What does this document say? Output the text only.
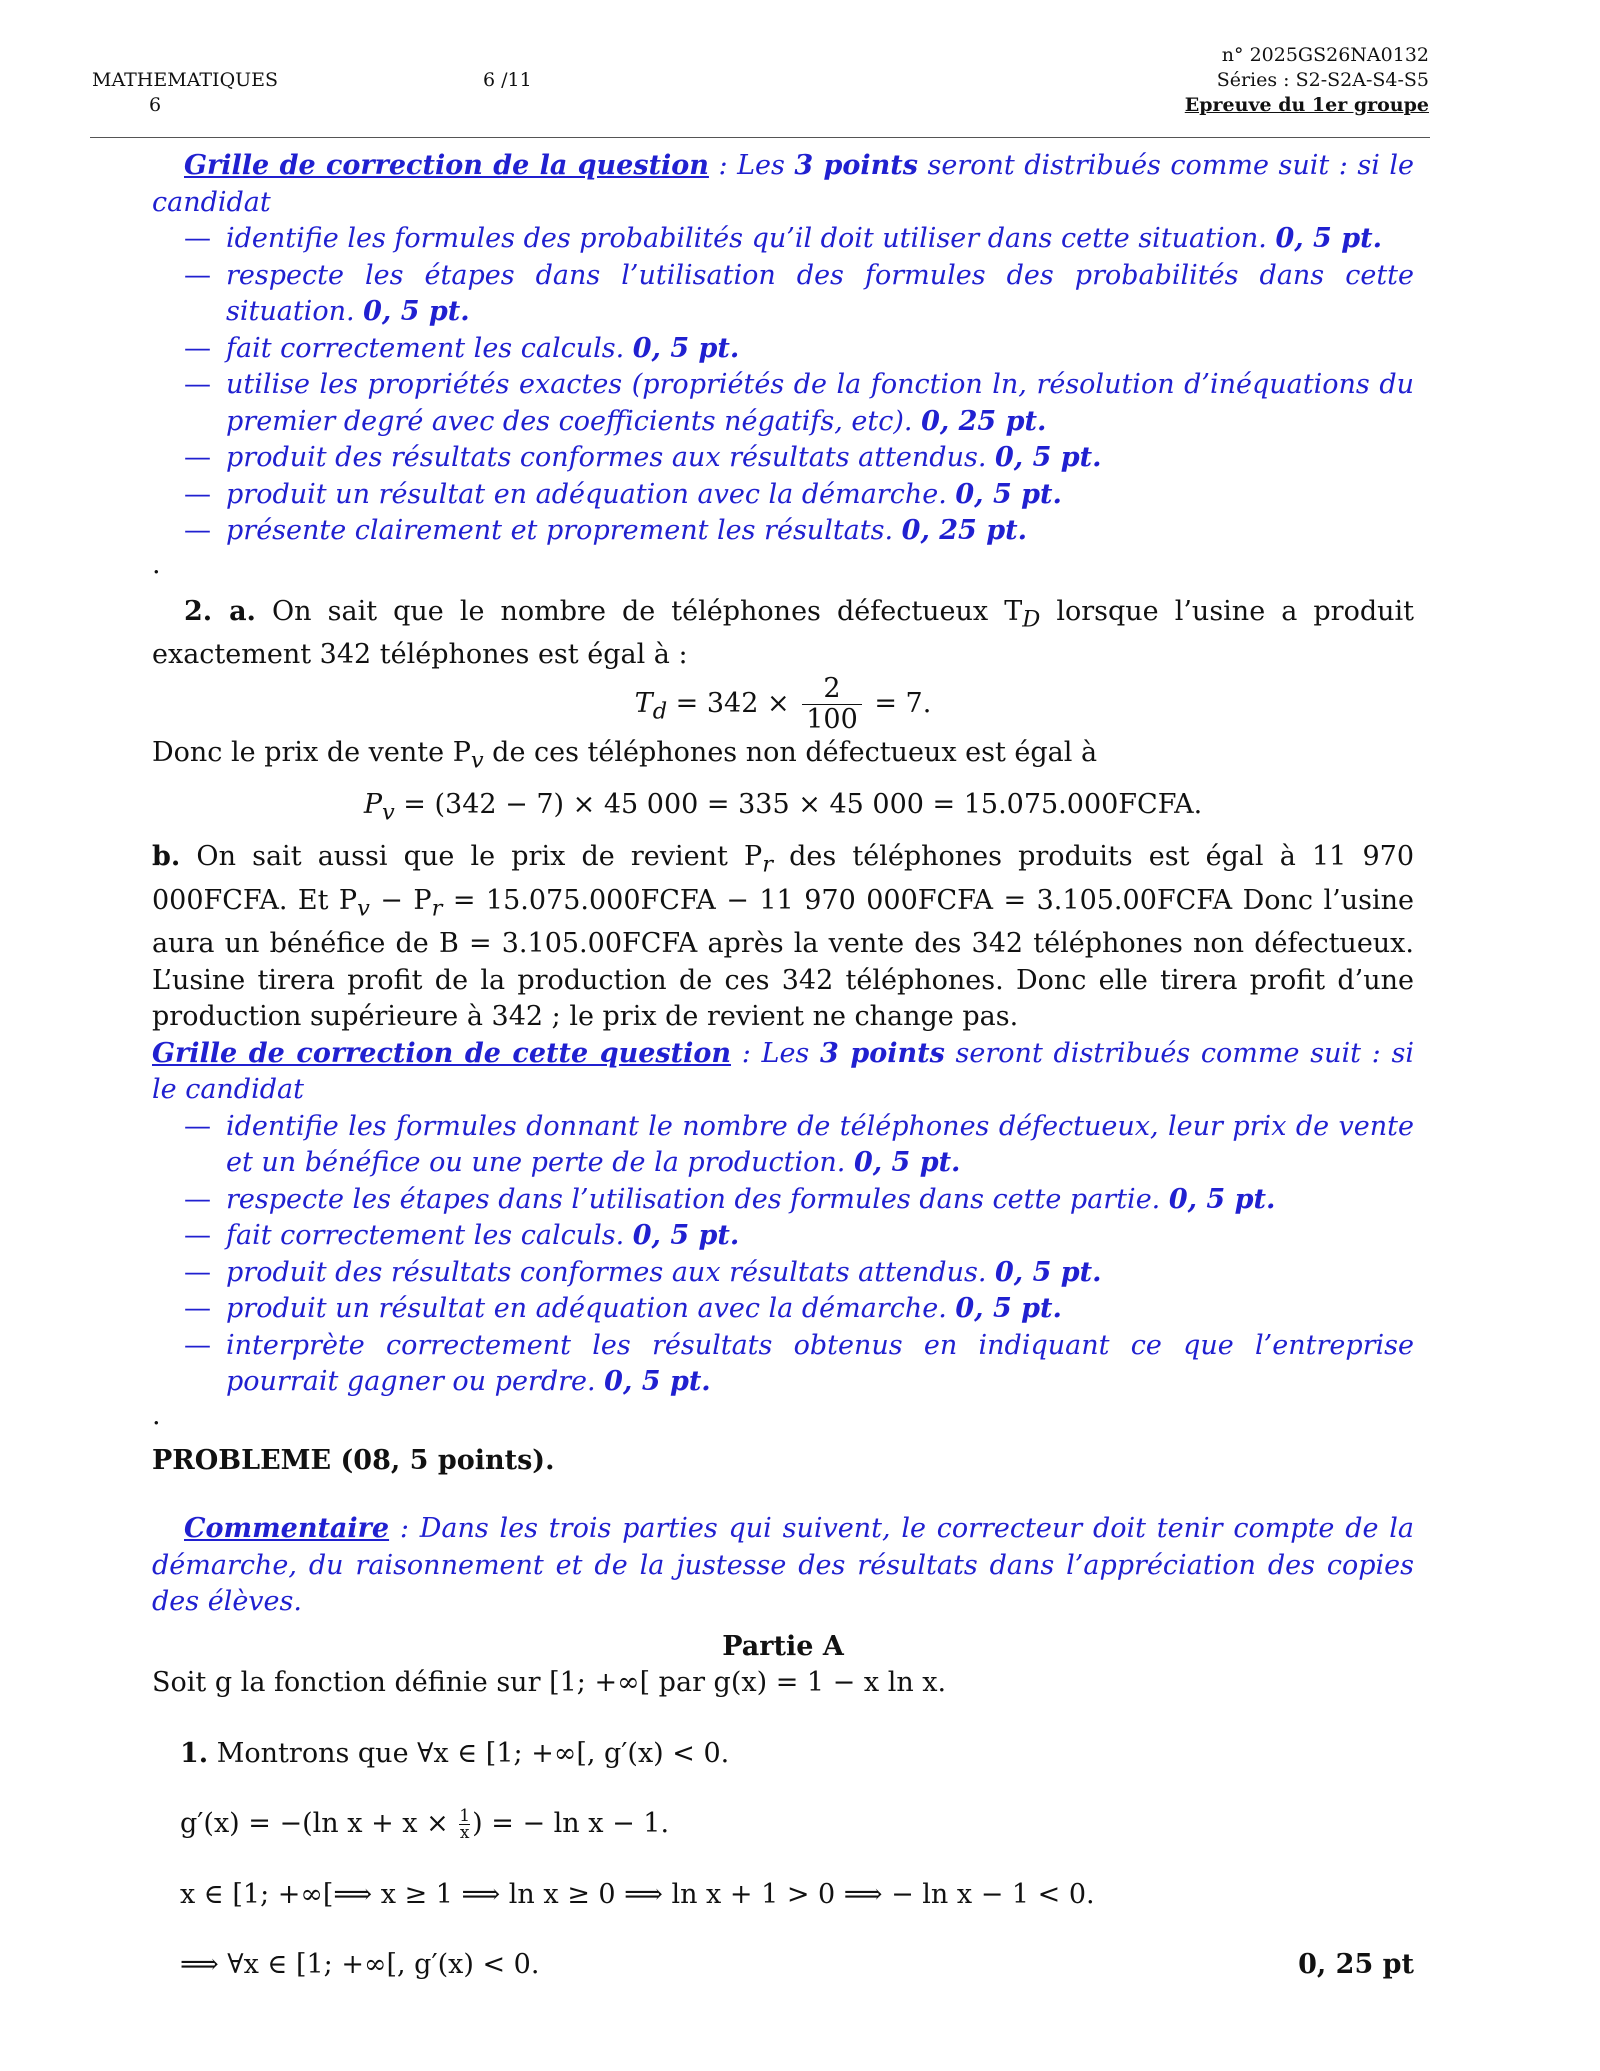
MATHEMATIQUES
6
6 /11
n° 2025GS26NA0132
Séries : S2-S2A-S4-S5
Epreuve du 1er groupe

Grille de correction de la question : Les 3 points seront distribués comme suit : si le candidat

— identifie les formules des probabilités qu’il doit utiliser dans cette situation. 0, 5 pt.
— respecte les étapes dans l’utilisation des formules des probabilités dans cette situation. 0, 5 pt.
— fait correctement les calculs. 0, 5 pt.
— utilise les propriétés exactes (propriétés de la fonction ln, résolution d’inéquations du premier degré avec des coefficients négatifs, etc). 0, 25 pt.
— produit des résultats conformes aux résultats attendus. 0, 5 pt.
— produit un résultat en adéquation avec la démarche. 0, 5 pt.
— présente clairement et proprement les résultats. 0, 25 pt.
.

2. a. On sait que le nombre de téléphones défectueux $T_D$ lorsque l’usine a produit exactement 342 téléphones est égal à :

$T_d = 342 \times \frac{2}{100} = 7$.

Donc le prix de vente $P_v$ de ces téléphones non défectueux est égal à

$P_v = (342 - 7) \times 45$ 000 = 335 × 45 000 = 15.075.000FCFA.

b. On sait aussi que le prix de revient $P_r$ des téléphones produits est égal à 11 970 000FCFA. Et $P_v - P_r$ = 15.075.000FCFA − 11 970 000FCFA = 3.105.00FCFA Donc l’usine aura un bénéfice de B = 3.105.00FCFA après la vente des 342 téléphones non défectueux. L’usine tirera profit de la production de ces 342 téléphones. Donc elle tirera profit d’une production supérieure à 342 ; le prix de revient ne change pas.

Grille de correction de cette question : Les 3 points seront distribués comme suit : si le candidat

— identifie les formules donnant le nombre de téléphones défectueux, leur prix de vente et un bénéfice ou une perte de la production. 0, 5 pt.
— respecte les étapes dans l’utilisation des formules dans cette partie. 0, 5 pt.
— fait correctement les calculs. 0, 5 pt.
— produit des résultats conformes aux résultats attendus. 0, 5 pt.
— produit un résultat en adéquation avec la démarche. 0, 5 pt.
— interprète correctement les résultats obtenus en indiquant ce que l’entreprise pourrait gagner ou perdre. 0, 5 pt.
.

PROBLEME (08, 5 points).

Commentaire : Dans les trois parties qui suivent, le correcteur doit tenir compte de la démarche, du raisonnement et de la justesse des résultats dans l’appréciation des copies des élèves.

Partie A

Soit g la fonction définie sur [1; +∞[ par g(x) = 1 − x ln x.

1. Montrons que ∀x ∈ [1; +∞[, g′(x) < 0.

g′(x) = −(ln $x + x \times \frac{1}{x}$) = − ln x − 1.

x ∈ [1; +∞[⟹ x ≥ 1 ⟹ ln x ≥ 0 ⟹ ln x + 1 > 0 ⟹ − ln x − 1 < 0.

⟹ ∀x ∈ [1; +∞[, g′(x) < 0.	0, 25 pt
